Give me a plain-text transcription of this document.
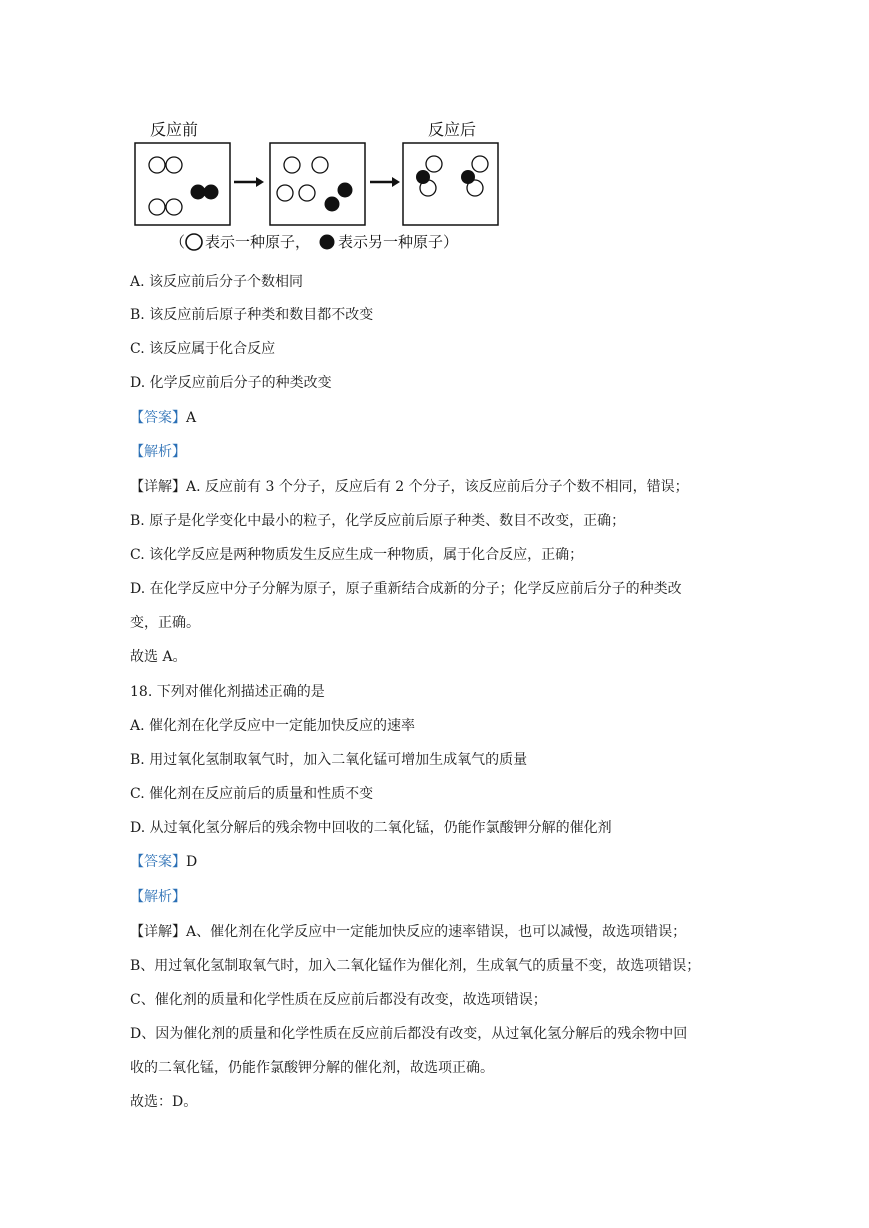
反应前	反应后
（ 表示一种原子， 表示另一种原子）
A. 该反应前后分子个数相同
B. 该反应前后原子种类和数目都不改变
C. 该反应属于化合反应
D. 化学反应前后分子的种类改变
【答案】A
【解析】
【详解】A. 反应前有 3 个分子，反应后有 2 个分子，该反应前后分子个数不相同，错误；
B. 原子是化学变化中最小的粒子，化学反应前后原子种类、数目不改变，正确；
C. 该化学反应是两种物质发生反应生成一种物质，属于化合反应，正确；
D. 在化学反应中分子分解为原子，原子重新结合成新的分子；化学反应前后分子的种类改
变，正确。
故选 A。
18. 下列对催化剂描述正确的是
A. 催化剂在化学反应中一定能加快反应的速率
B. 用过氧化氢制取氧气时，加入二氧化锰可增加生成氧气的质量
C. 催化剂在反应前后的质量和性质不变
D. 从过氧化氢分解后的残余物中回收的二氧化锰，仍能作氯酸钾分解的催化剂
【答案】D
【解析】
【详解】A、催化剂在化学反应中一定能加快反应的速率错误，也可以减慢，故选项错误；
B、用过氧化氢制取氧气时，加入二氧化锰作为催化剂，生成氧气的质量不变，故选项错误；
C、催化剂的质量和化学性质在反应前后都没有改变，故选项错误；
D、因为催化剂的质量和化学性质在反应前后都没有改变，从过氧化氢分解后的残余物中回
收的二氧化锰，仍能作氯酸钾分解的催化剂，故选项正确。
故选：D。
